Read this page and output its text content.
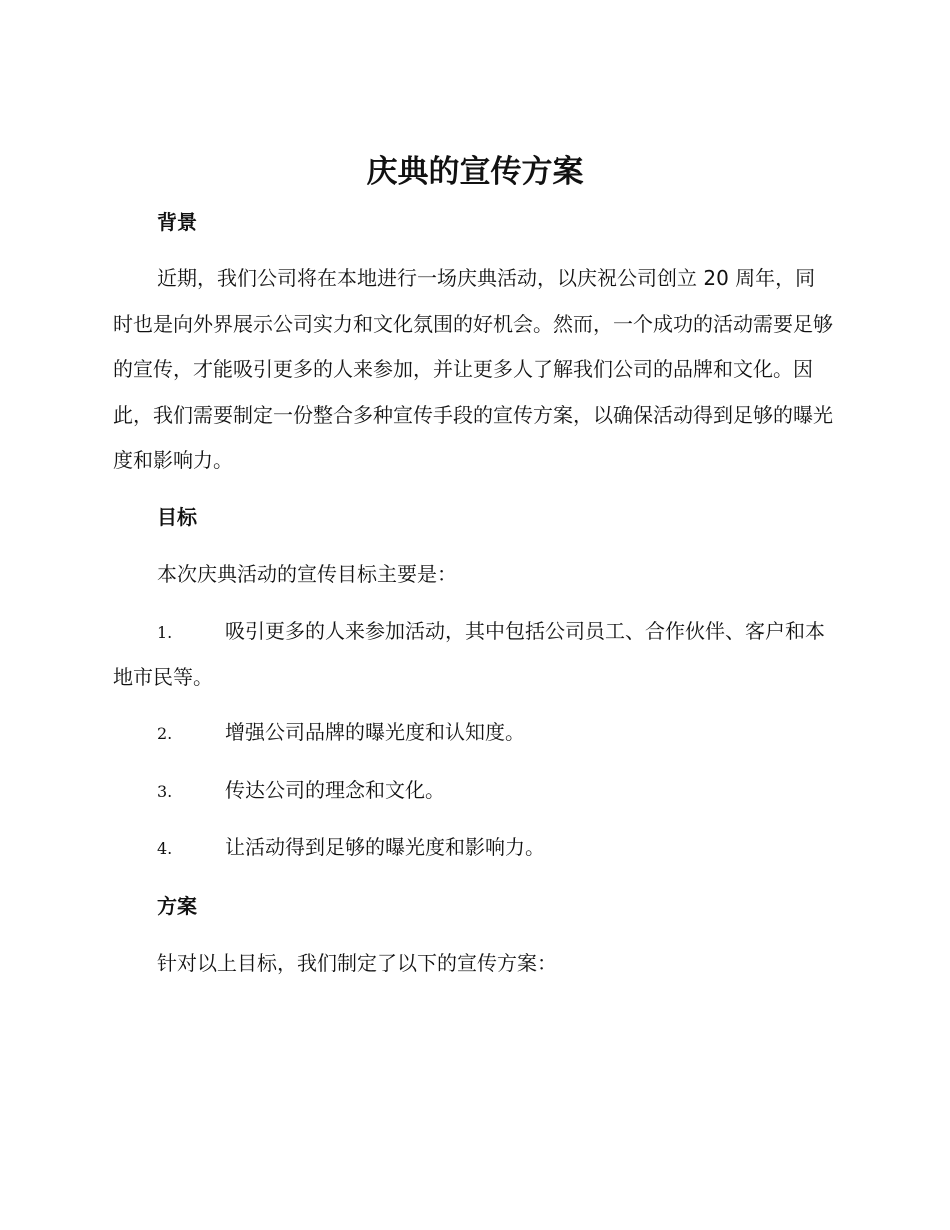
庆典的宣传方案
背景

近期，我们公司将在本地进行一场庆典活动，以庆祝公司创立 20 周年，同时也是向外界展示公司实力和文化氛围的好机会。然而，一个成功的活动需要足够的宣传，才能吸引更多的人来参加，并让更多人了解我们公司的品牌和文化。因此，我们需要制定一份整合多种宣传手段的宣传方案，以确保活动得到足够的曝光度和影响力。

目标

本次庆典活动的宣传目标主要是：

1.	吸引更多的人来参加活动，其中包括公司员工、合作伙伴、客户和本地市民等。
2.	增强公司品牌的曝光度和认知度。
3.	传达公司的理念和文化。
4.	让活动得到足够的曝光度和影响力。
方案

针对以上目标，我们制定了以下的宣传方案：
